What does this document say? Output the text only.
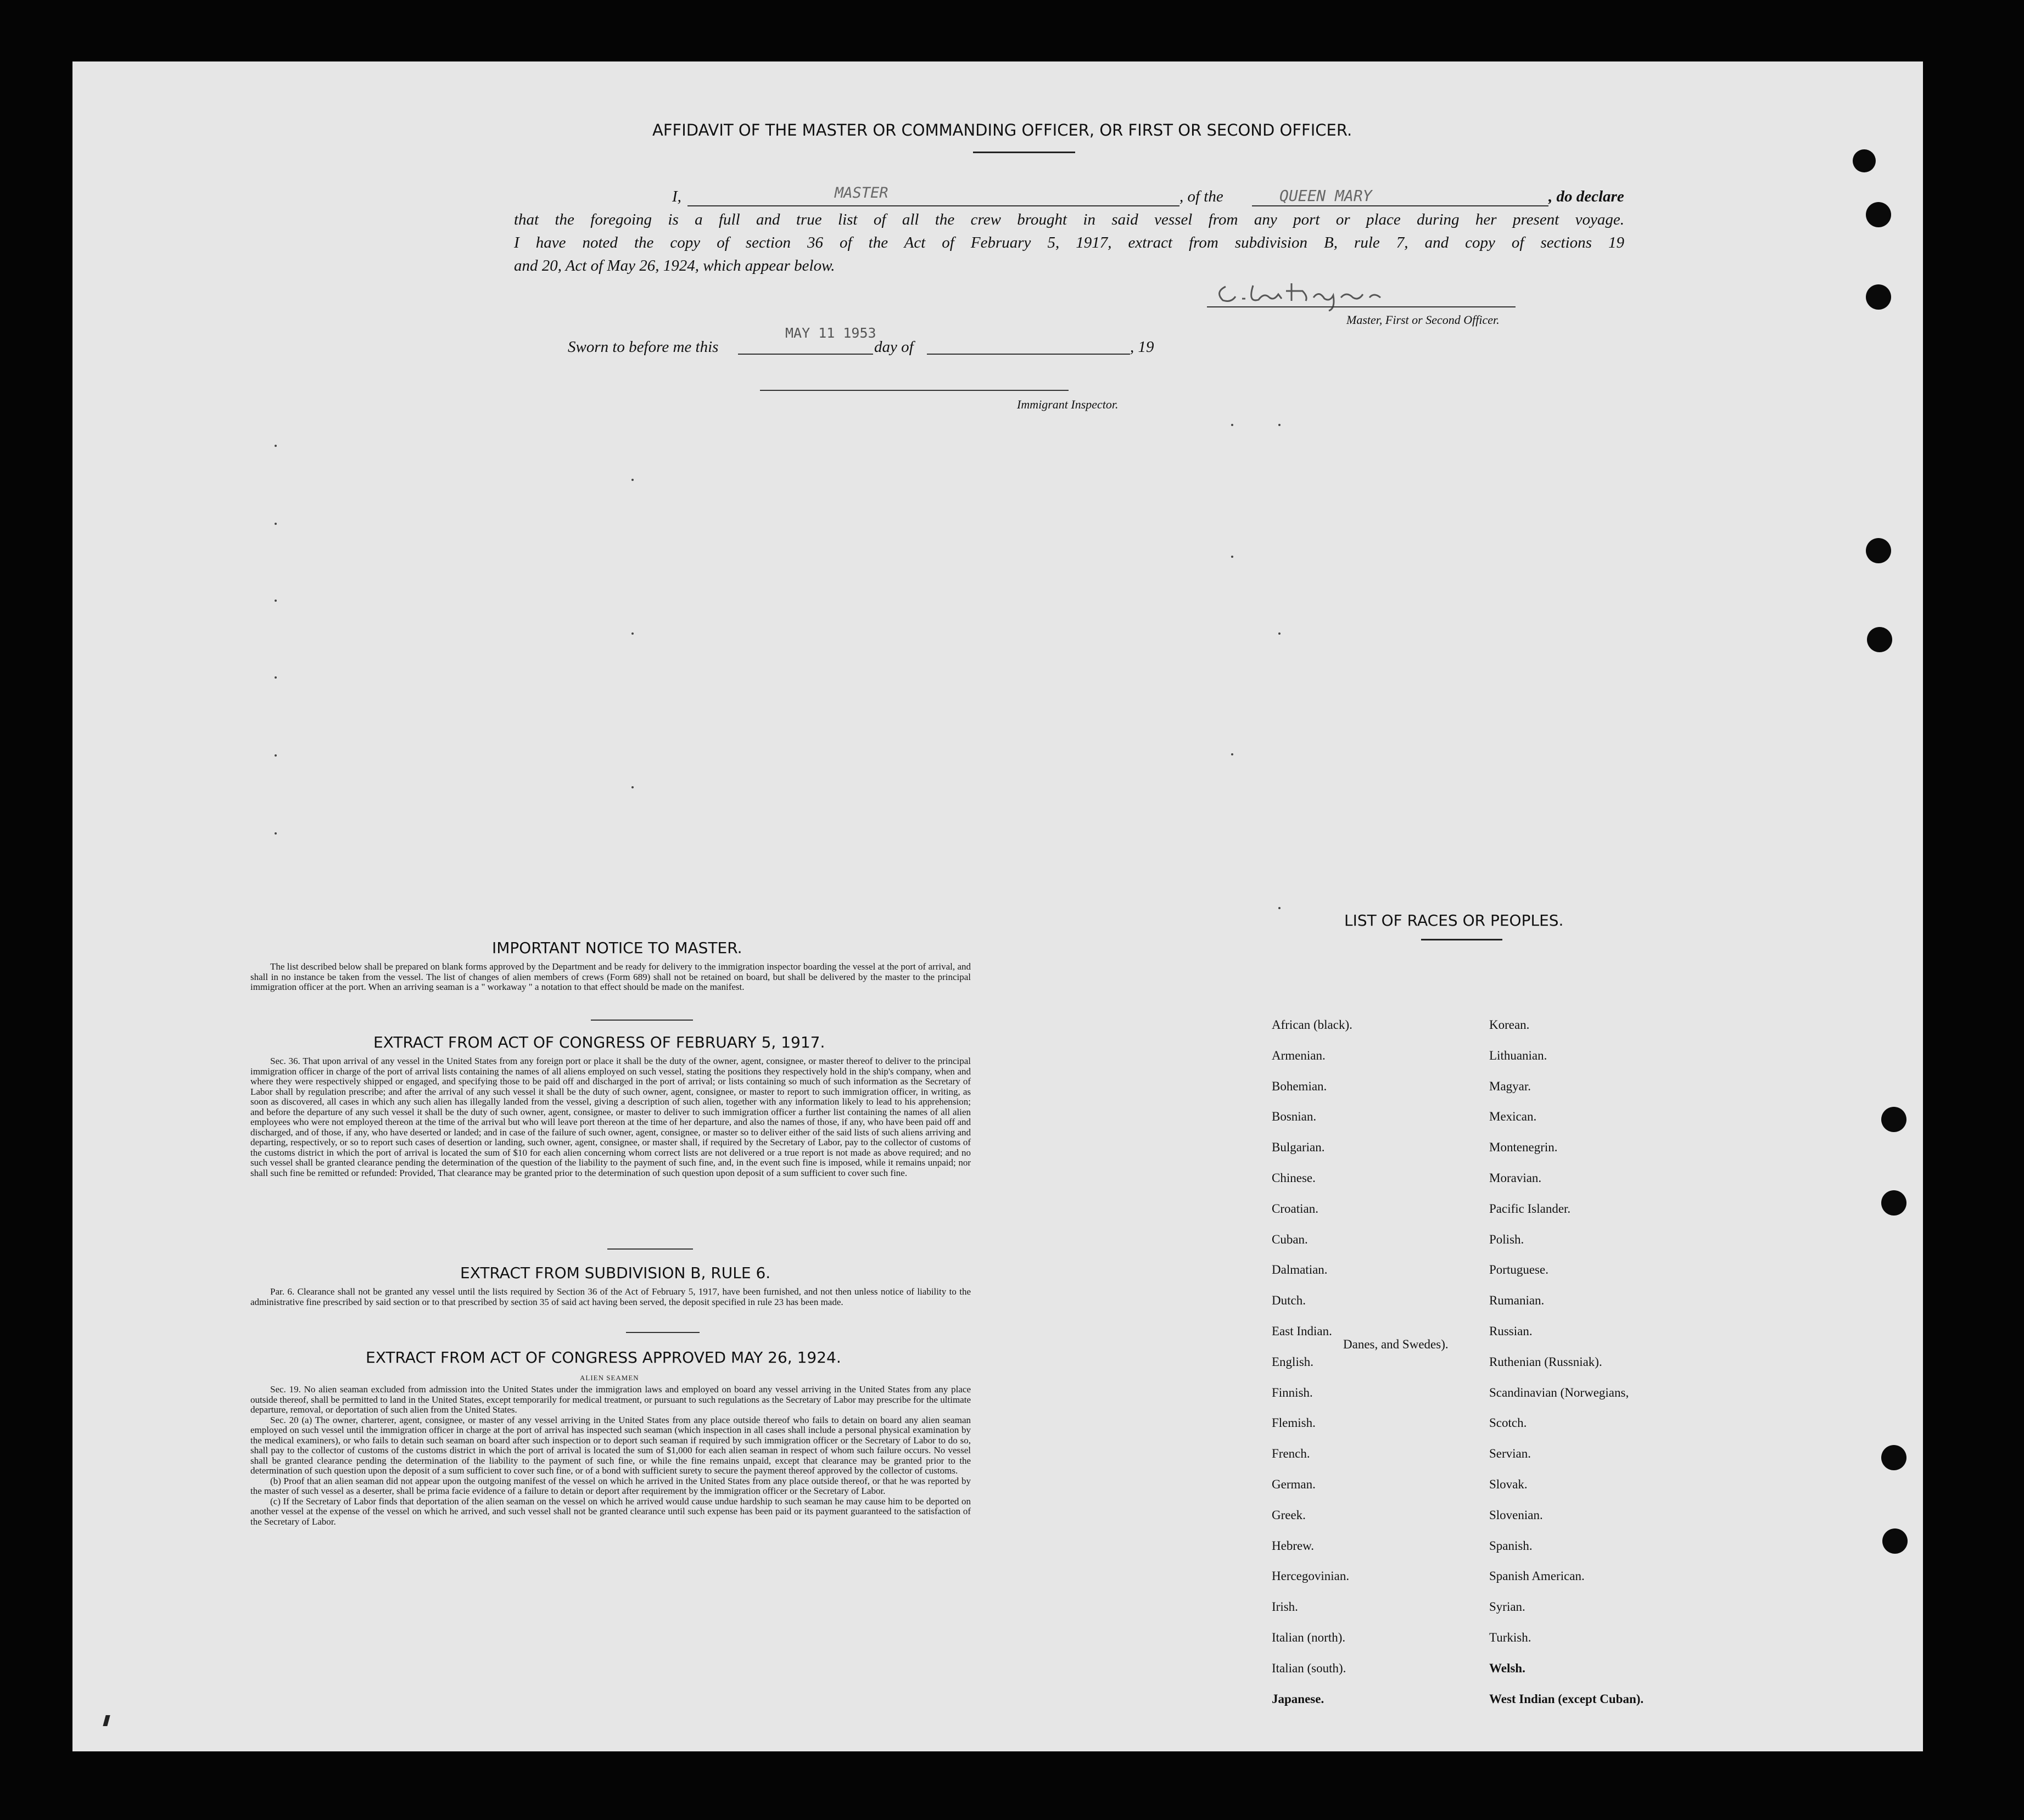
AFFIDAVIT OF THE MASTER OR COMMANDING OFFICER, OR FIRST OR SECOND OFFICER.
I,	MASTER	, of the	QUEEN MARY	, do declare
that the foregoing is a full and true list of all the crew brought in said vessel from any port or place during her present voyage.
I have noted the copy of section 36 of the Act of February 5, 1917, extract from subdivision B, rule 7, and copy of sections 19
and 20, Act of May 26, 1924, which appear below.
Master, First or Second Officer.
Sworn to before me this
MAY 11 1953
day of	, 19
Immigrant Inspector.
IMPORTANT NOTICE TO MASTER.

The list described below shall be prepared on blank forms approved by the Department and be ready for delivery to the immigration inspector boarding the vessel at the port of arrival, and shall in no instance be taken from the vessel. The list of changes of alien members of crews (Form 689) shall not be retained on board, but shall be delivered by the master to the principal immigration officer at the port. When an arriving seaman is a " workaway " a notation to that effect should be made on the manifest.

EXTRACT FROM ACT OF CONGRESS OF FEBRUARY 5, 1917.

Sec. 36. That upon arrival of any vessel in the United States from any foreign port or place it shall be the duty of the owner, agent, consignee, or master thereof to deliver to the principal immigration officer in charge of the port of arrival lists containing the names of all aliens employed on such vessel, stating the positions they respectively hold in the ship's company, when and where they were respectively shipped or engaged, and specifying those to be paid off and discharged in the port of arrival; or lists containing so much of such information as the Secretary of Labor shall by regulation prescribe; and after the arrival of any such vessel it shall be the duty of such owner, agent, consignee, or master to report to such immigration officer, in writing, as soon as discovered, all cases in which any such alien has illegally landed from the vessel, giving a description of such alien, together with any information likely to lead to his apprehension; and before the departure of any such vessel it shall be the duty of such owner, agent, consignee, or master to deliver to such immigration officer a further list containing the names of all alien employees who were not employed thereon at the time of the arrival but who will leave port thereon at the time of her departure, and also the names of those, if any, who have been paid off and discharged, and of those, if any, who have deserted or landed; and in case of the failure of such owner, agent, consignee, or master so to deliver either of the said lists of such aliens arriving and departing, respectively, or so to report such cases of desertion or landing, such owner, agent, consignee, or master shall, if required by the Secretary of Labor, pay to the collector of customs of the customs district in which the port of arrival is located the sum of $10 for each alien concerning whom correct lists are not delivered or a true report is not made as above required; and no such vessel shall be granted clearance pending the determination of the question of the liability to the payment of such fine, and, in the event such fine is imposed, while it remains unpaid; nor shall such fine be remitted or refunded: Provided, That clearance may be granted prior to the determination of such question upon deposit of a sum sufficient to cover such fine.

EXTRACT FROM SUBDIVISION B, RULE 6.

Par. 6. Clearance shall not be granted any vessel until the lists required by Section 36 of the Act of February 5, 1917, have been furnished, and not then unless notice of liability to the administrative fine prescribed by said section or to that prescribed by section 35 of said act having been served, the deposit specified in rule 23 has been made.

EXTRACT FROM ACT OF CONGRESS APPROVED MAY 26, 1924.
ALIEN SEAMEN

Sec. 19. No alien seaman excluded from admission into the United States under the immigration laws and employed on board any vessel arriving in the United States from any place outside thereof, shall be permitted to land in the United States, except temporarily for medical treatment, or pursuant to such regulations as the Secretary of Labor may prescribe for the ultimate departure, removal, or deportation of such alien from the United States.

Sec. 20 (a) The owner, charterer, agent, consignee, or master of any vessel arriving in the United States from any place outside thereof who fails to detain on board any alien seaman employed on such vessel until the immigration officer in charge at the port of arrival has inspected such seaman (which inspection in all cases shall include a personal physical examination by the medical examiners), or who fails to detain such seaman on board after such inspection or to deport such seaman if required by such immigration officer or the Secretary of Labor to do so, shall pay to the collector of customs of the customs district in which the port of arrival is located the sum of $1,000 for each alien seaman in respect of whom such failure occurs. No vessel shall be granted clearance pending the determination of the liability to the payment of such fine, or while the fine remains unpaid, except that clearance may be granted prior to the determination of such question upon the deposit of a sum sufficient to cover such fine, or of a bond with sufficient surety to secure the payment thereof approved by the collector of customs.

(b) Proof that an alien seaman did not appear upon the outgoing manifest of the vessel on which he arrived in the United States from any place outside thereof, or that he was reported by the master of such vessel as a deserter, shall be prima facie evidence of a failure to detain or deport after requirement by the immigration officer or the Secretary of Labor.

(c) If the Secretary of Labor finds that deportation of the alien seaman on the vessel on which he arrived would cause undue hardship to such seaman he may cause him to be deported on another vessel at the expense of the vessel on which he arrived, and such vessel shall not be granted clearance until such expense has been paid or its payment guaranteed to the satisfaction of the Secretary of Labor.

LIST OF RACES OR PEOPLES.
African (black).
Armenian.
Bohemian.
Bosnian.
Bulgarian.
Chinese.
Croatian.
Cuban.
Dalmatian.
Dutch.
East Indian.
English.
Finnish.
Flemish.
French.
German.
Greek.
Hebrew.
Hercegovinian.
Irish.
Italian (north).
Italian (south).
Japanese.
Korean.
Lithuanian.
Magyar.
Mexican.
Montenegrin.
Moravian.
Pacific Islander.
Polish.
Portuguese.
Rumanian.
Russian.
Ruthenian (Russniak).
Scandinavian (Norwegians,
Scotch.
Servian.
Slovak.
Slovenian.
Spanish.
Spanish American.
Syrian.
Turkish.
Welsh.
West Indian (except Cuban).
Danes, and Swedes).
